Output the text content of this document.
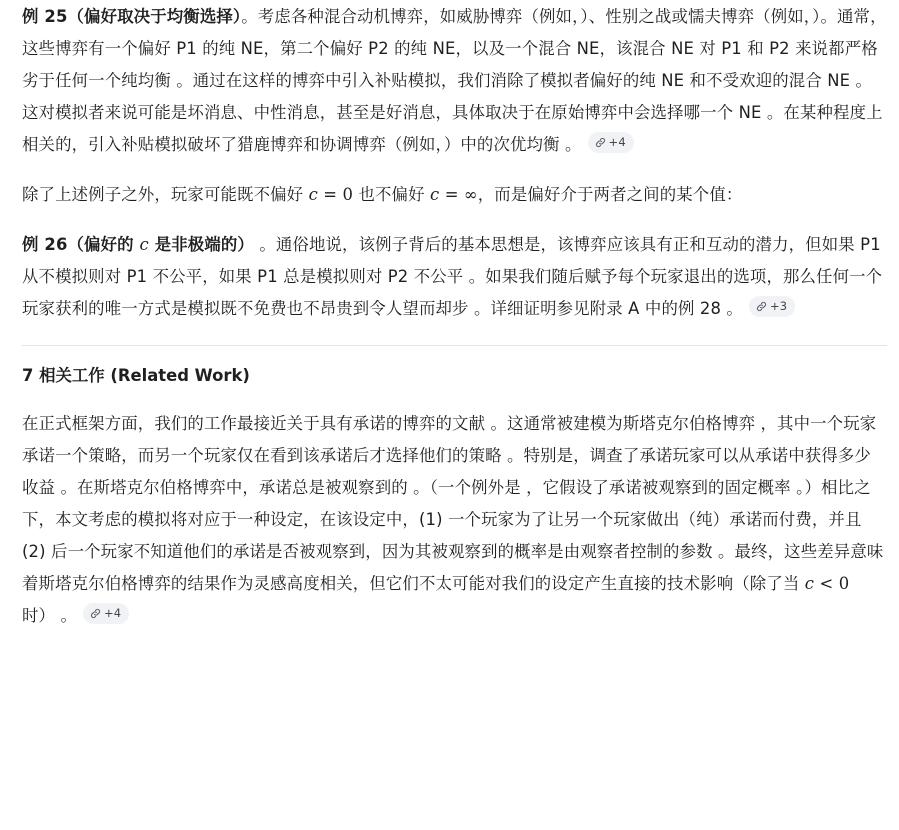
例 25（偏好取决于均衡选择）。考虑各种混合动机博弈，如威胁博弈（例如，）、性别之战或懦夫博弈（例如，）。通常，这些博弈有一个偏好 P1 的纯 NE，第二个偏好 P2 的纯 NE，以及一个混合 NE，该混合 NE 对 P1 和 P2 来说都严格劣于任何一个纯均衡 。通过在这样的博弈中引入补贴模拟，我们消除了模拟者偏好的纯 NE 和不受欢迎的混合 NE 。这对模拟者来说可能是坏消息、中性消息，甚至是好消息，具体取决于在原始博弈中会选择哪一个 NE 。在某种程度上相关的，引入补贴模拟破坏了猎鹿博弈和协调博弈（例如，）中的次优均衡 。 +4

除了上述例子之外，玩家可能既不偏好 c = 0 也不偏好 c = ∞，而是偏好介于两者之间的某个值：

例 26（偏好的 c 是非极端的） 。通俗地说，该例子背后的基本思想是，该博弈应该具有正和互动的潜力，但如果 P1 从不模拟则对 P1 不公平，如果 P1 总是模拟则对 P2 不公平 。如果我们随后赋予每个玩家退出的选项，那么任何一个玩家获利的唯一方式是模拟既不免费也不昂贵到令人望而却步 。详细证明参见附录 A 中的例 28 。 +3

7 相关工作 (Related Work)

在正式框架方面，我们的工作最接近关于具有承诺的博弈的文献 。这通常被建模为斯塔克尔伯格博弈 ，其中一个玩家承诺一个策略，而另一个玩家仅在看到该承诺后才选择他们的策略 。特别是，调查了承诺玩家可以从承诺中获得多少收益 。在斯塔克尔伯格博弈中，承诺总是被观察到的 。（一个例外是 ，它假设了承诺被观察到的固定概率 。）相比之下，本文考虑的模拟将对应于一种设定，在该设定中，(1) 一个玩家为了让另一个玩家做出（纯）承诺而付费，并且 (2) 后一个玩家不知道他们的承诺是否被观察到，因为其被观察到的概率是由观察者控制的参数 。最终，这些差异意味着斯塔克尔伯格博弈的结果作为灵感高度相关，但它们不太可能对我们的设定产生直接的技术影响（除了当 c < 0 时） 。 +4
